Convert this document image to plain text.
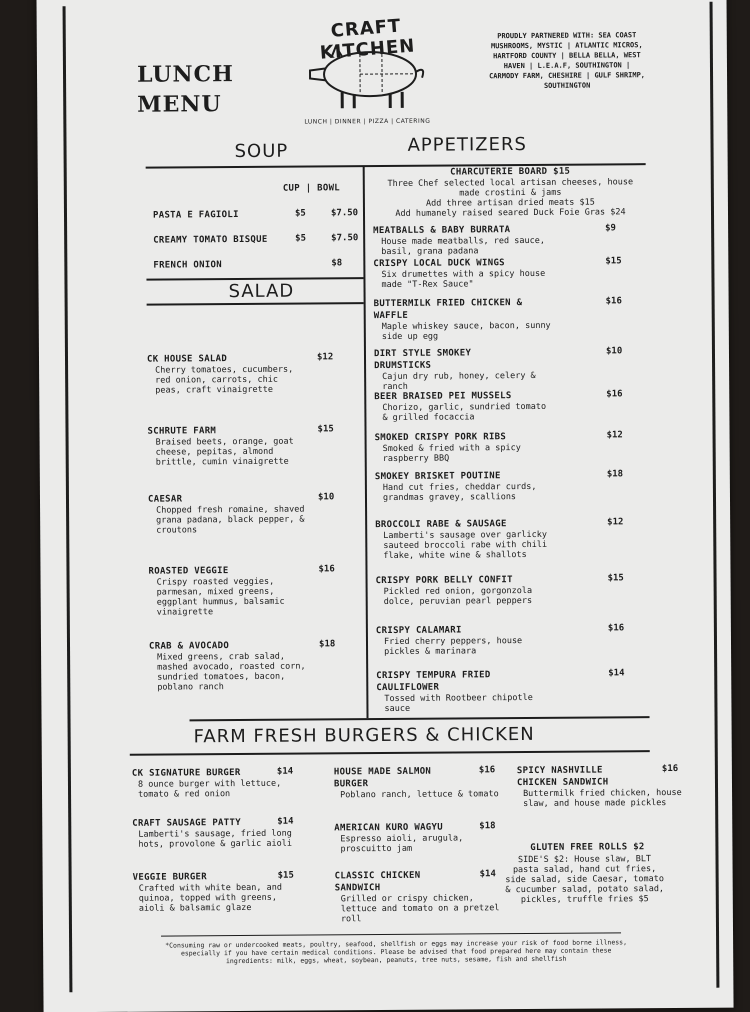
LUNCH
MENU
CRAFT KITCHEN
LUNCH | DINNER | PIZZA | CATERING
PROUDLY PARTNERED WITH: SEA COAST MUSHROOMS, MYSTIC | ATLANTIC MICROS, HARTFORD COUNTY | BELLA BELLA, WEST HAVEN | L.E.A.F, SOUTHINGTON | CARMODY FARM, CHESHIRE | GULF SHRIMP, SOUTHINGTON
SOUP	APPETIZERS
CUP | BOWL
PASTA E FAGIOLI	$5	$7.50
CREAMY TOMATO BISQUE	$5	$7.50
FRENCH ONION	$8
SALAD
CK HOUSE SALAD	$12
Cherry tomatoes, cucumbers, red onion, carrots, chic peas, craft vinaigrette
SCHRUTE FARM	$15
Braised beets, orange, goat cheese, pepitas, almond brittle, cumin vinaigrette
CAESAR	$10
Chopped fresh romaine, shaved grana padana, black pepper, & croutons
ROASTED VEGGIE	$16
Crispy roasted veggies, parmesan, mixed greens, eggplant hummus, balsamic vinaigrette
CRAB & AVOCADO	$18
Mixed greens, crab salad, mashed avocado, roasted corn, sundried tomatoes, bacon, poblano ranch
CHARCUTERIE BOARD $15
Three Chef selected local artisan cheeses, house made crostini & jams
Add three artisan dried meats $15
Add humanely raised seared Duck Foie Gras $24
MEATBALLS & BABY BURRATA	$9
House made meatballs, red sauce, basil, grana padana
CRISPY LOCAL DUCK WINGS	$15
Six drumettes with a spicy house made "T-Rex Sauce"
BUTTERMILK FRIED CHICKEN & WAFFLE
$16
Maple whiskey sauce, bacon, sunny side up egg
DIRT STYLE SMOKEY DRUMSTICKS
$10
Cajun dry rub, honey, celery & ranch
BEER BRAISED PEI MUSSELS	$16
Chorizo, garlic, sundried tomato & grilled focaccia
SMOKED CRISPY PORK RIBS	$12
Smoked & fried with a spicy raspberry BBQ
SMOKEY BRISKET POUTINE	$18
Hand cut fries, cheddar curds, grandmas gravey, scallions
BROCCOLI RABE & SAUSAGE	$12
Lamberti's sausage over garlicky sauteed broccoli rabe with chili flake, white wine & shallots
CRISPY PORK BELLY CONFIT	$15
Pickled red onion, gorgonzola dolce, peruvian pearl peppers
CRISPY CALAMARI	$16
Fried cherry peppers, house pickles & marinara
CRISPY TEMPURA FRIED CAULIFLOWER
$14
Tossed with Rootbeer chipotle sauce
FARM FRESH BURGERS & CHICKEN
CK SIGNATURE BURGER	$14
8 ounce burger with lettuce, tomato & red onion
CRAFT SAUSAGE PATTY	$14
Lamberti's sausage, fried long hots, provolone & garlic aioli
VEGGIE BURGER	$15
Crafted with white bean, and quinoa, topped with greens, aioli & balsamic glaze
HOUSE MADE SALMON BURGER
$16
Poblano ranch, lettuce & tomato
AMERICAN KURO WAGYU	$18
Espresso aioli, arugula, proscuitto jam
CLASSIC CHICKEN SANDWICH
$14
Grilled or crispy chicken, lettuce and tomato on a pretzel roll
SPICY NASHVILLE CHICKEN SANDWICH
$16
Buttermilk fried chicken, house slaw, and house made pickles
GLUTEN FREE ROLLS $2
SIDE'S $2: House slaw, BLT pasta salad, hand cut fries, side salad, side Caesar, tomato & cucumber salad, potato salad, pickles, truffle fries $5
*Consuming raw or undercooked meats, poultry, seafood, shellfish or eggs may increase your risk of food borne illness, especially if you have certain medical conditions. Please be advised that food prepared here may contain these ingredients: milk, eggs, wheat, soybean, peanuts, tree nuts, sesame, fish and shellfish
